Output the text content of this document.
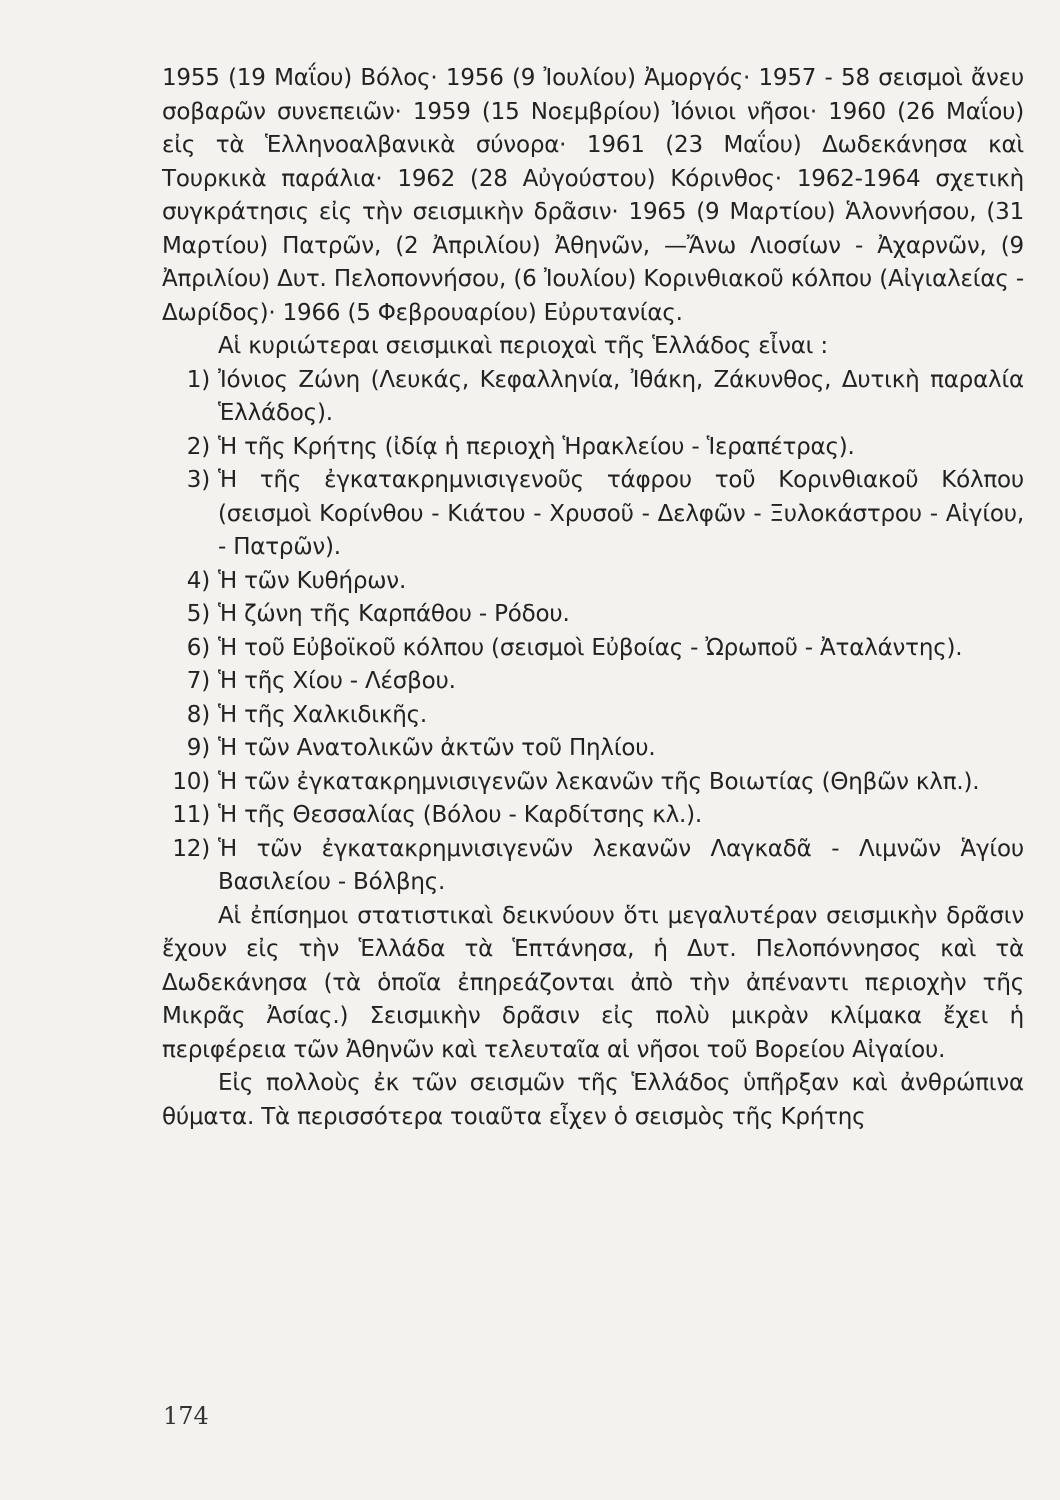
1955 (19 Μαΐου) Βόλος· 1956 (9 Ἰουλίου) Ἀμοργός· 1957 - 58 σεισμοὶ ἄνευ σοβαρῶν συνεπειῶν· 1959 (15 Νοεμβρίου) Ἰόνιοι νῆσοι· 1960 (26 Μαΐου) εἰς τὰ Ἑλληνοαλβανικὰ σύνορα· 1961 (23 Μαΐου) Δωδεκάνησα καὶ Τουρκικὰ παράλια· 1962 (28 Αὐγούστου) Κόρινθος· 1962-1964 σχετικὴ συγκράτησις εἰς τὴν σεισμικὴν δρᾶσιν· 1965 (9 Μαρτίου) Ἁλοννήσου, (31 Μαρτίου) Πατρῶν, (2 Ἀπριλίου) Ἀθηνῶν, —Ἄνω Λιοσίων - Ἀχαρνῶν, (9 Ἀπριλίου) Δυτ. Πελοποννήσου, (6 Ἰουλίου) Κορινθιακοῦ κόλπου (Αἰγιαλείας - Δωρίδος)· 1966 (5 Φεβρουαρίου) Εὐρυτανίας.

Αἱ κυριώτεραι σεισμικαὶ περιοχαὶ τῆς Ἑλλάδος εἶναι :

1) Ἰόνιος Ζώνη (Λευκάς, Κεφαλληνία, Ἰθάκη, Ζάκυνθος, Δυτικὴ παραλία Ἑλλάδος).
2) Ἡ τῆς Κρήτης (ἰδίᾳ ἡ περιοχὴ Ἡρακλείου - Ἱεραπέτρας).
3) Ἡ τῆς ἐγκατακρημνισιγενοῦς τάφρου τοῦ Κορινθιακοῦ Κόλπου (σεισμοὶ Κορίνθου - Κιάτου - Χρυσοῦ - Δελφῶν - Ξυλοκάστρου - Αἰγίου, - Πατρῶν).
4) Ἡ τῶν Κυθήρων.
5) Ἡ ζώνη τῆς Καρπάθου - Ρόδου.
6) Ἡ τοῦ Εὐβοϊκοῦ κόλπου (σεισμοὶ Εὐβοίας - Ὠρωποῦ - Ἀταλάντης).
7) Ἡ τῆς Χίου - Λέσβου.
8) Ἡ τῆς Χαλκιδικῆς.
9) Ἡ τῶν Ανατολικῶν ἀκτῶν τοῦ Πηλίου.
10) Ἡ τῶν ἐγκατακρημνισιγενῶν λεκανῶν τῆς Βοιωτίας (Θηβῶν κλπ.).
11) Ἡ τῆς Θεσσαλίας (Βόλου - Καρδίτσης κλ.).
12) Ἡ τῶν ἐγκατακρημνισιγενῶν λεκανῶν Λαγκαδᾶ - Λιμνῶν Ἁγίου Βασιλείου - Βόλβης.

Αἱ ἐπίσημοι στατιστικαὶ δεικνύουν ὅτι μεγαλυτέραν σεισμικὴν δρᾶσιν ἔχουν εἰς τὴν Ἑλλάδα τὰ Ἑπτάνησα, ἡ Δυτ. Πελοπόννησος καὶ τὰ Δωδεκάνησα (τὰ ὁποῖα ἐπηρεάζονται ἀπὸ τὴν ἀπέναντι περιοχὴν τῆς Μικρᾶς Ἀσίας.) Σεισμικὴν δρᾶσιν εἰς πολὺ μικρὰν κλίμακα ἔχει ἡ περιφέρεια τῶν Ἀθηνῶν καὶ τελευταῖα αἱ νῆσοι τοῦ Βορείου Αἰγαίου.

Εἰς πολλοὺς ἐκ τῶν σεισμῶν τῆς Ἑλλάδος ὑπῆρξαν καὶ ἀνθρώπινα θύματα. Τὰ περισσότερα τοιαῦτα εἶχεν ὁ σεισμὸς τῆς Κρήτης

174
